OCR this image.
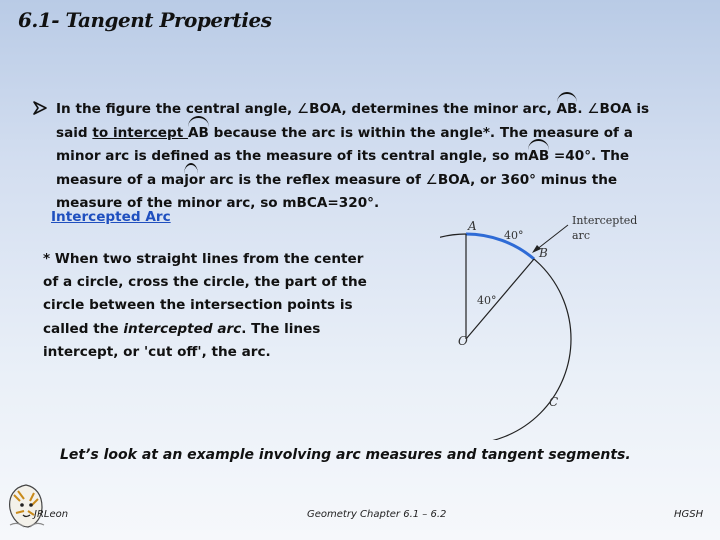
6.1- Tangent Properties
In the figure the central angle, ∠BOA, determines the minor arc, AB. ∠BOA is
said to intercept AB because the arc is within the angle*. The measure of a
minor arc is defined as the measure of its central angle, so mAB =40°. The
measure of a major arc is the reflex measure of ∠BOA, or 360° minus the
measure of the minor arc, so mBCA=320°.
Intercepted Arc
* When two straight lines from the center
of a circle, cross the circle, the part of the
circle between the intersection points is
called the intercepted arc. The lines
intercept, or 'cut off', the arc.
A
B
C
O
40°
40°
Intercepted
arc
Let’s look at an example involving arc measures and tangent segments.
JRLeon	Geometry Chapter 6.1 – 6.2	HGSH
